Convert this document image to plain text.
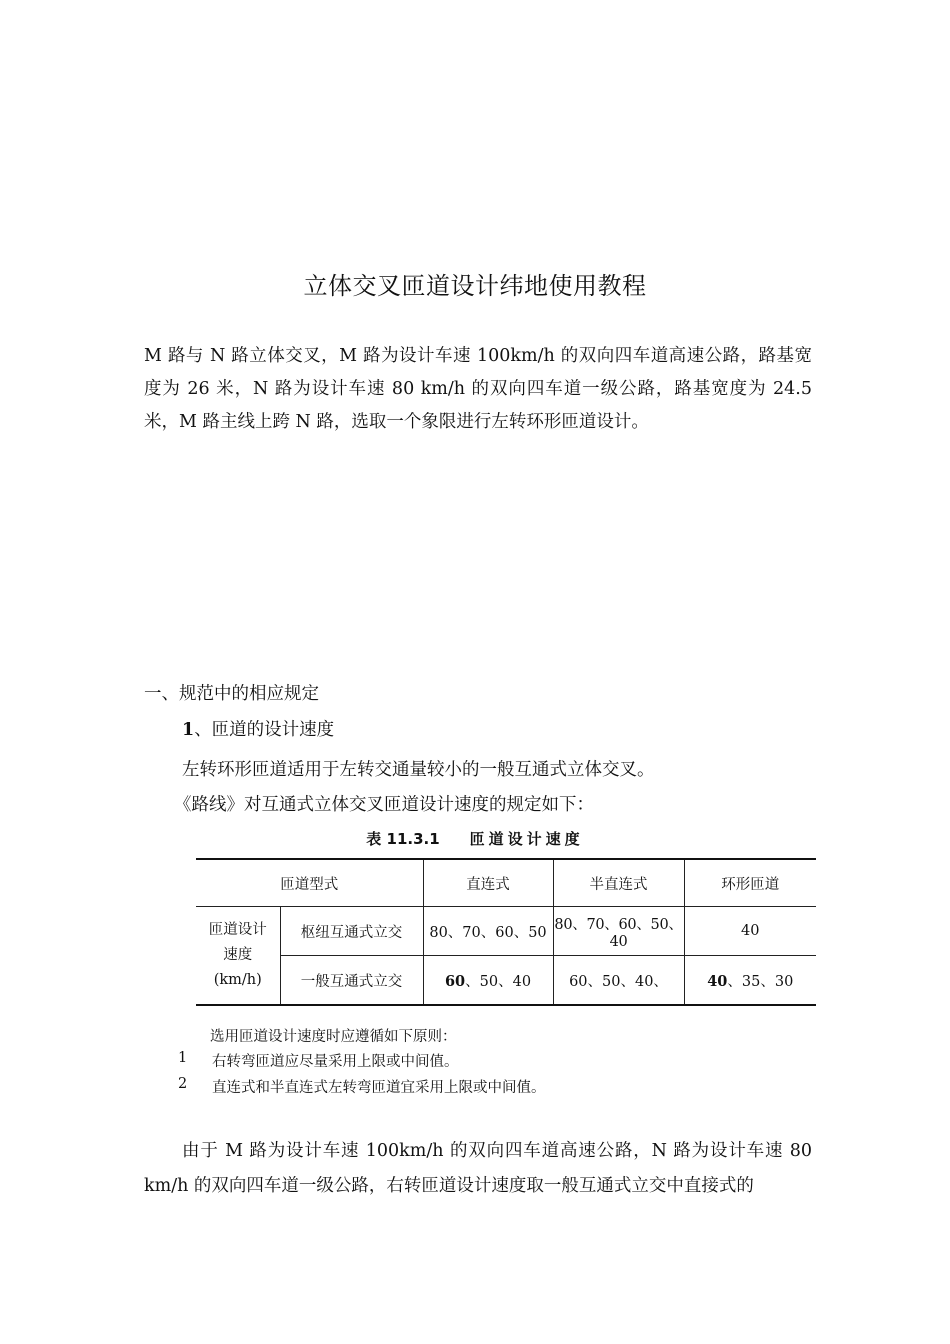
立体交叉匝道设计纬地使用教程

M 路与 N 路立体交叉，M 路为设计车速 100km/h 的双向四车道高速公路，路基宽度为 26 米，N 路为设计车速 80 km/h 的双向四车道一级公路，路基宽度为 24.5 米，M 路主线上跨 N 路，选取一个象限进行左转环形匝道设计。

一、规范中的相应规定
1、匝道的设计速度
左转环形匝道适用于左转交通量较小的一般互通式立体交叉。
《路线》对互通式立体交叉匝道设计速度的规定如下：
表 11.3.1 匝道设计速度
匝道型式		直连式	半直连式	环形匝道

匝道设计
速度
(km/h)	枢纽互通式立交	80、70、60、50	80、70、60、50、40	40
	一般互通式立交	60、50、40	60、50、40、	40、35、30
选用匝道设计速度时应遵循如下原则：
1 右转弯匝道应尽量采用上限或中间值。
2 直连式和半直连式左转弯匝道宜采用上限或中间值。

由于 M 路为设计车速 100km/h 的双向四车道高速公路，N 路为设计车速 80 km/h 的双向四车道一级公路，右转匝道设计速度取一般互通式立交中直接式的
